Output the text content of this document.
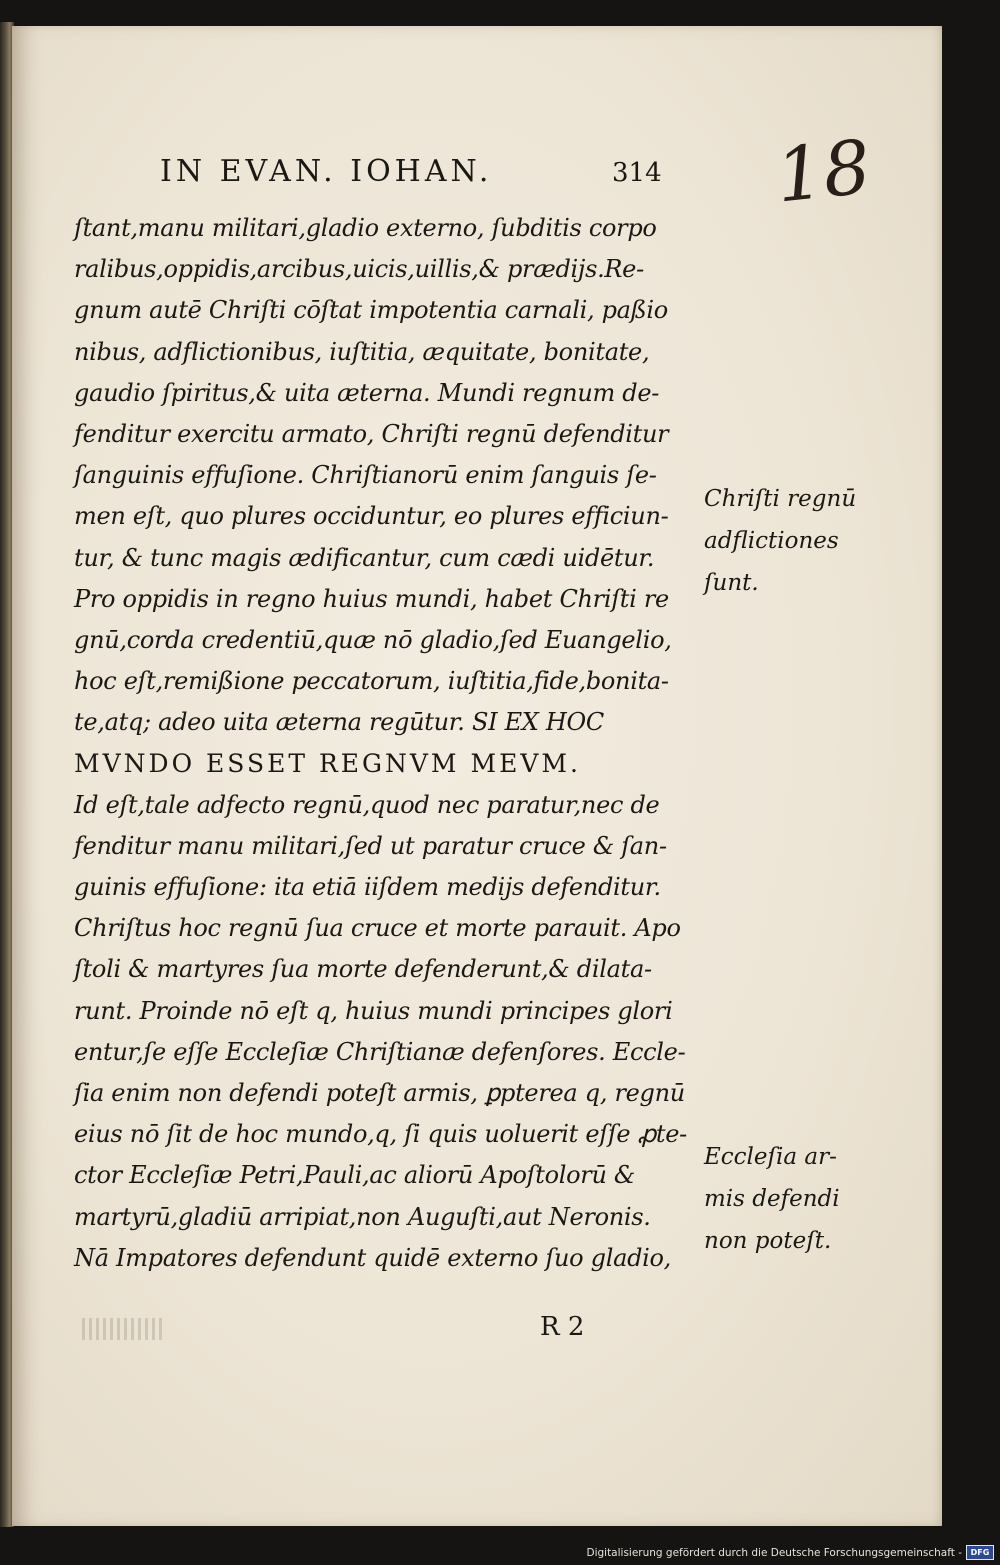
IN EVAN. IOHAN.	314 18
ſtant,manu militari,gladio externo, ſubditis corpo
ralibus,oppidis,arcibus,uicis,uillis,& prædijs.Re-
gnum autē Chriſti cōſtat impotentia carnali, paßio
nibus, adflictionibus, iuſtitia, æquitate, bonitate,
gaudio ſpiritus,& uita æterna. Mundi regnum de-
fenditur exercitu armato, Chriſti regnū defenditur
ſanguinis effuſione. Chriſtianorū enim ſanguis ſe-
men eſt, quo plures occiduntur, eo plures efficiun-
tur, & tunc magis ædificantur, cum cædi uidētur.
Pro oppidis in regno huius mundi, habet Chriſti re
gnū,corda credentiū,quæ nō gladio,ſed Euangelio,
hoc eſt,remißione peccatorum, iuſtitia,fide,bonita-
te,atq; adeo uita æterna regūtur. SI EX HOC
MVNDO ESSET REGNVM MEVM.
Id eſt,tale adfecto regnū,quod nec paratur,nec de
fenditur manu militari,ſed ut paratur cruce & ſan-
guinis effuſione: ita etiā iiſdem medijs defenditur.
Chriſtus hoc regnū ſua cruce et morte parauit. Apo
ſtoli & martyres ſua morte defenderunt,& dilata-
runt. Proinde nō eſt q, huius mundi principes glori
entur,ſe eſſe Eccleſiæ Chriſtianæ defenſores. Eccle-
ſia enim non defendi poteſt armis, ꝑpterea q, regnū
eius nō ſit de hoc mundo,q, ſi quis uoluerit eſſe ꝓte-
ctor Eccleſiæ Petri,Pauli,ac aliorū Apoſtolorū &
martyrū,gladiū arripiat,non Auguſti,aut Neronis.
Nā Impatores defendunt quidē externo ſuo gladio,
Chriſti regnū
adflictiones
ſunt.
Eccleſia ar-
mis defendi
non poteſt.
R 2
Digitalisierung gefördert durch die Deutsche Forschungsgemeinschaft -	DFG
